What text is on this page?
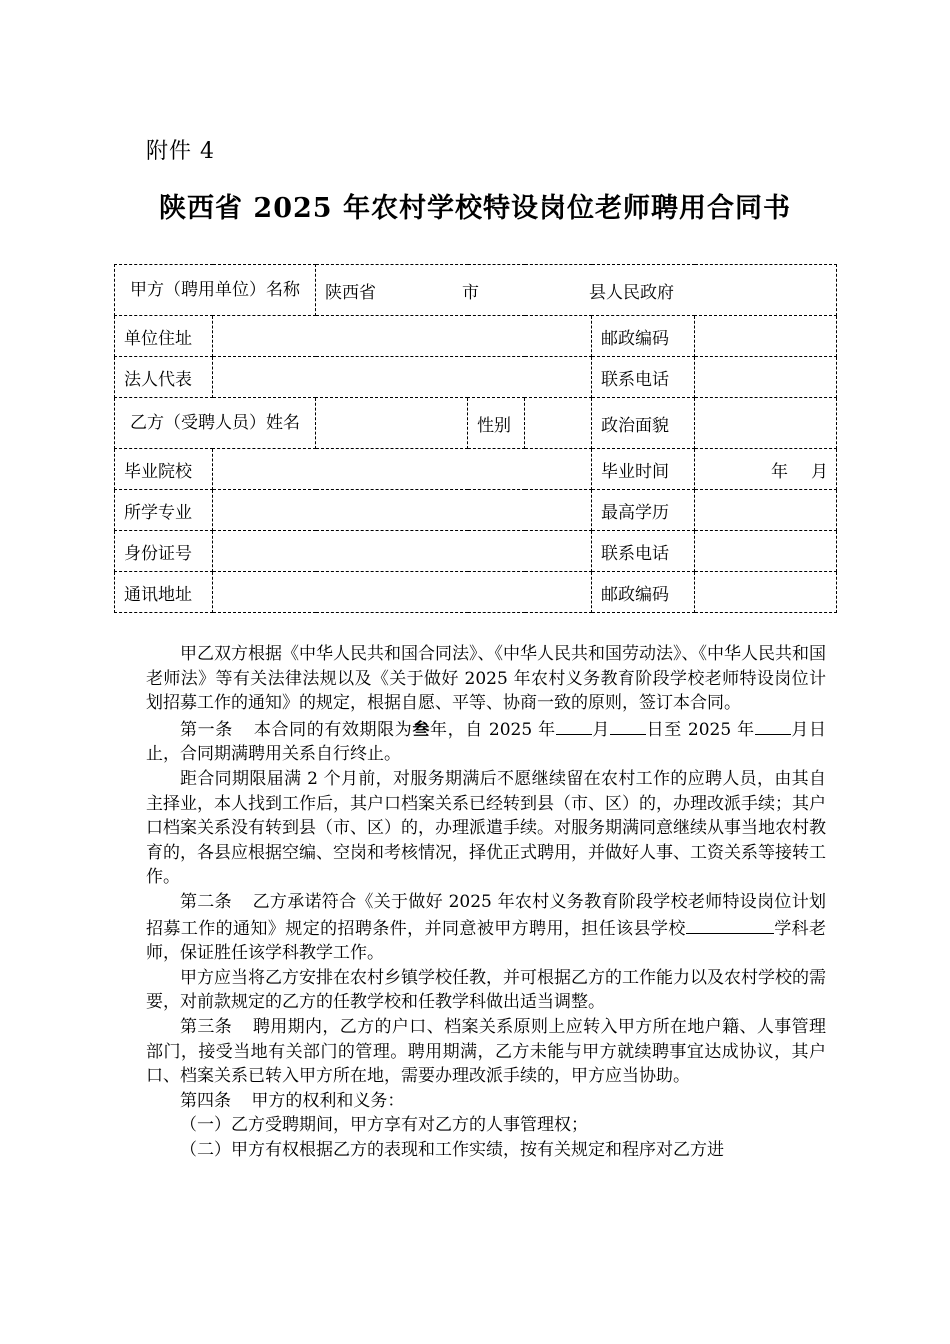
附件 4
陕西省 2025 年农村学校特设岗位老师聘用合同书
甲方（聘用单位）名称		陕西省 市 县人民政府				
单位住址					邮政编码	
法人代表					联系电话	
乙方（受聘人员）姓名			性别		政治面貌	
毕业院校					毕业时间	年 月
所学专业					最高学历	
身份证号					联系电话	
通讯地址					邮政编码	

甲乙双方根据《中华人民共和国合同法》、《中华人民共和国劳动法》、《中华人民共和国老师法》等有关法律法规以及《关于做好 2025 年农村义务教育阶段学校老师特设岗位计划招募工作的通知》的规定，根据自愿、平等、协商一致的原则，签订本合同。

第一条 本合同的有效期限为叁年，自 2025 年 月 日至 2025 年 月日止，合同期满聘用关系自行终止。

距合同期限届满 2 个月前，对服务期满后不愿继续留在农村工作的应聘人员，由其自主择业，本人找到工作后，其户口档案关系已经转到县（市、区）的，办理改派手续；其户口档案关系没有转到县（市、区）的，办理派遣手续。对服务期满同意继续从事当地农村教育的，各县应根据空编、空岗和考核情况，择优正式聘用，并做好人事、工资关系等接转工作。

第二条 乙方承诺符合《关于做好 2025 年农村义务教育阶段学校老师特设岗位计划招募工作的通知》规定的招聘条件，并同意被甲方聘用，担任该县学校	学科老师，保证胜任该学科教学工作。

甲方应当将乙方安排在农村乡镇学校任教，并可根据乙方的工作能力以及农村学校的需要，对前款规定的乙方的任教学校和任教学科做出适当调整。

第三条 聘用期内，乙方的户口、档案关系原则上应转入甲方所在地户籍、人事管理部门，接受当地有关部门的管理。聘用期满，乙方未能与甲方就续聘事宜达成协议，其户口、档案关系已转入甲方所在地，需要办理改派手续的，甲方应当协助。

第四条 甲方的权利和义务：

（一）乙方受聘期间，甲方享有对乙方的人事管理权；

（二）甲方有权根据乙方的表现和工作实绩，按有关规定和程序对乙方进
